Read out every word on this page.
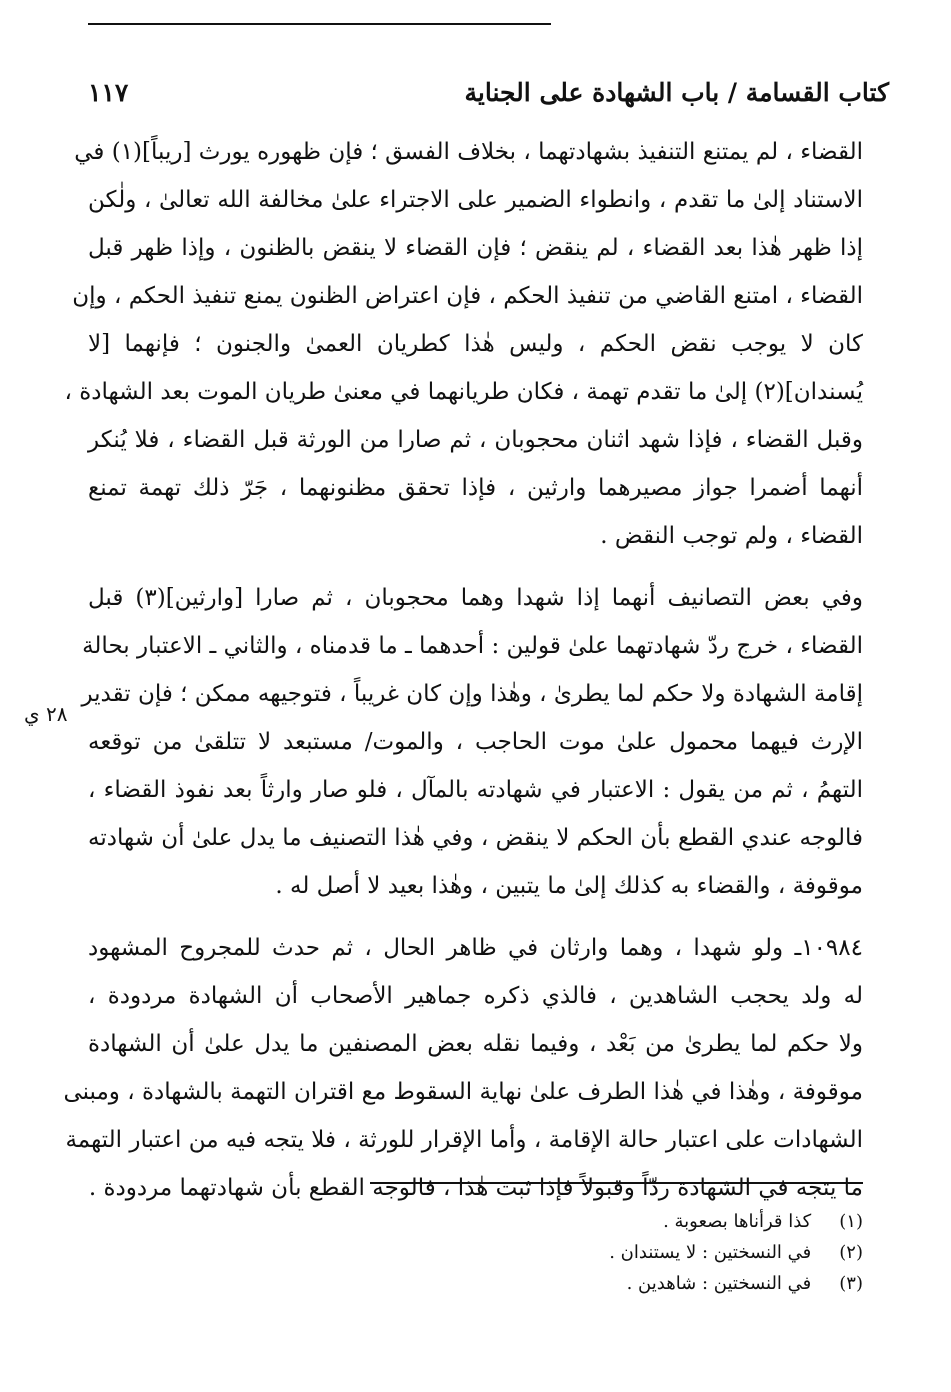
كتاب القسامة / باب الشهادة على الجناية
١١٧
٢٨ ي
القضاء ، لم يمتنع التنفيذ بشهادتهما ، بخلاف الفسق ؛ فإن ظهوره يورث [ريباً](١) في
الاستناد إلىٰ ما تقدم ، وانطواء الضمير على الاجتراء علىٰ مخالفة الله تعالىٰ ، ولٰكن
إذا ظهر هٰذا بعد القضاء ، لم ينقض ؛ فإن القضاء لا ينقض بالظنون ، وإذا ظهر قبل
القضاء ، امتنع القاضي من تنفيذ الحكم ، فإن اعتراض الظنون يمنع تنفيذ الحكم ، وإن
كان لا يوجب نقض الحكم ، وليس هٰذا كطريان العمىٰ والجنون ؛ فإنهما [لا
يُسندان](٢) إلىٰ ما تقدم تهمة ، فكان طريانهما في معنىٰ طريان الموت بعد الشهادة ،
وقبل القضاء ، فإذا شهد اثنان محجوبان ، ثم صارا من الورثة قبل القضاء ، فلا يُنكر
أنهما أضمرا جواز مصيرهما وارثين ، فإذا تحقق مظنونهما ، جَرّ ذلك تهمة تمنع
القضاء ، ولم توجب النقض .
وفي بعض التصانيف أنهما إذا شهدا وهما محجوبان ، ثم صارا [وارثين](٣) قبل
القضاء ، خرج ردّ شهادتهما علىٰ قولين : أحدهما ـ ما قدمناه ، والثاني ـ الاعتبار بحالة
إقامة الشهادة ولا حكم لما يطرىٰ ، وهٰذا وإن كان غريباً ، فتوجيهه ممكن ؛ فإن تقدير
الإرث فيهما محمول علىٰ موت الحاجب ، والموت/ مستبعد لا تتلقىٰ من توقعه
التهمُ ، ثم من يقول : الاعتبار في شهادته بالمآل ، فلو صار وارثاً بعد نفوذ القضاء ،
فالوجه عندي القطع بأن الحكم لا ينقض ، وفي هٰذا التصنيف ما يدل علىٰ أن شهادته
موقوفة ، والقضاء به كذلك إلىٰ ما يتبين ، وهٰذا بعيد لا أصل له .
١٠٩٨٤ـ ولو شهدا ، وهما وارثان في ظاهر الحال ، ثم حدث للمجروح المشهود
له ولد يحجب الشاهدين ، فالذي ذكره جماهير الأصحاب أن الشهادة مردودة ،
ولا حكم لما يطرىٰ من بَعْد ، وفيما نقله بعض المصنفين ما يدل علىٰ أن الشهادة
موقوفة ، وهٰذا في هٰذا الطرف علىٰ نهاية السقوط مع اقتران التهمة بالشهادة ، ومبنى
الشهادات على اعتبار حالة الإقامة ، وأما الإقرار للورثة ، فلا يتجه فيه من اعتبار التهمة
ما يتجه في الشهادة ردّاً وقبولاً فإذا ثبت هٰذا ، فالوجه القطع بأن شهادتهما مردودة .
(١) كذا قرأناها بصعوبة .
(٢) في النسختين : لا يستندان .
(٣) في النسختين : شاهدين .
